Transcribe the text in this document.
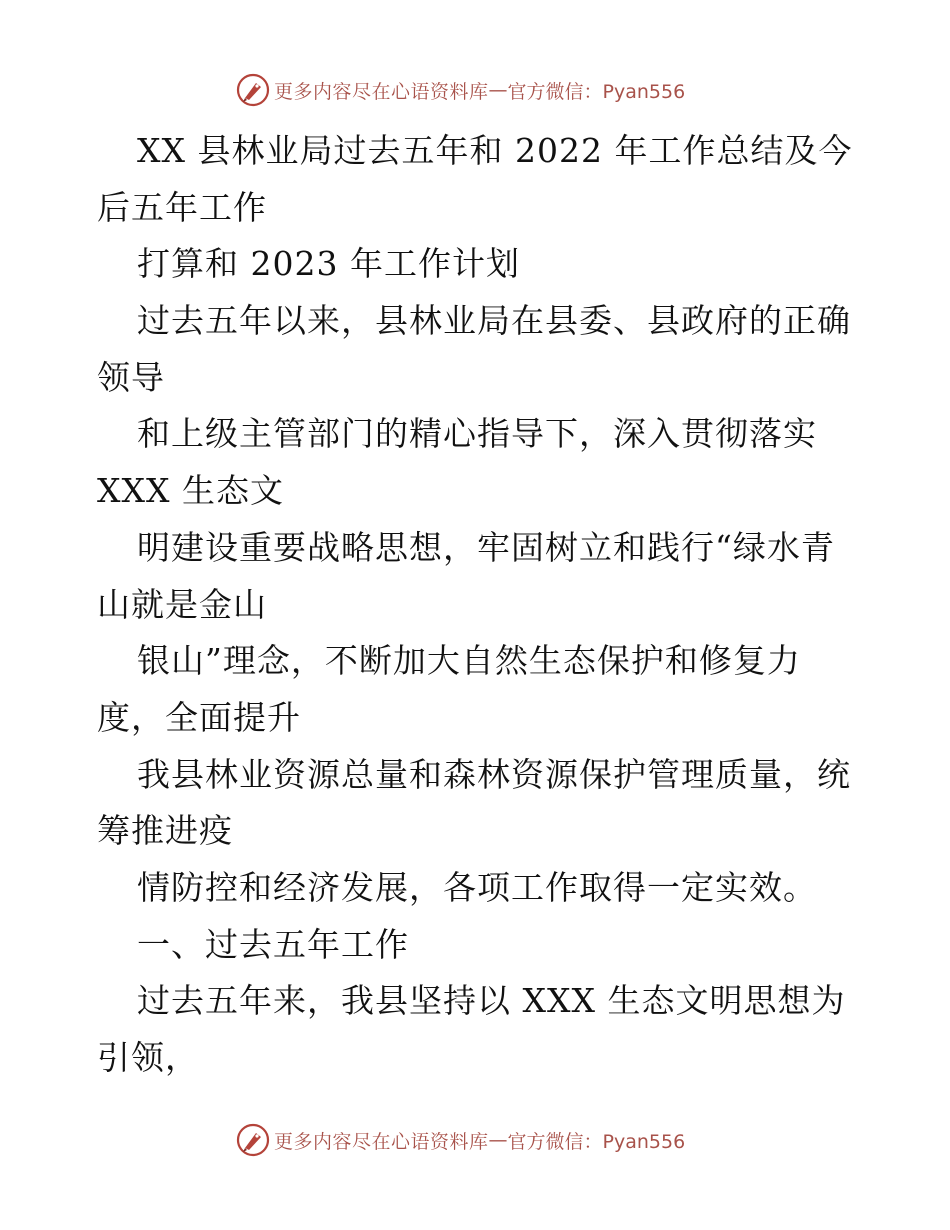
更多内容尽在心语资料库 — 官方微信：Pyan556
XX 县林业局过去五年和 2022 年工作总结及今
后五年工作
打算和 2023 年工作计划
过去五年以来，县林业局在县委、县政府的正确
领导
和上级主管部门的精心指导下，深入贯彻落实
XXX 生态文
明建设重要战略思想，牢固树立和践行“绿水青
山就是金山
银山”理念，不断加大自然生态保护和修复力
度，全面提升
我县林业资源总量和森林资源保护管理质量，统
筹推进疫
情防控和经济发展，各项工作取得一定实效。
一、过去五年工作
过去五年来，我县坚持以 XXX 生态文明思想为
引领，
更多内容尽在心语资料库 — 官方微信：Pyan556
